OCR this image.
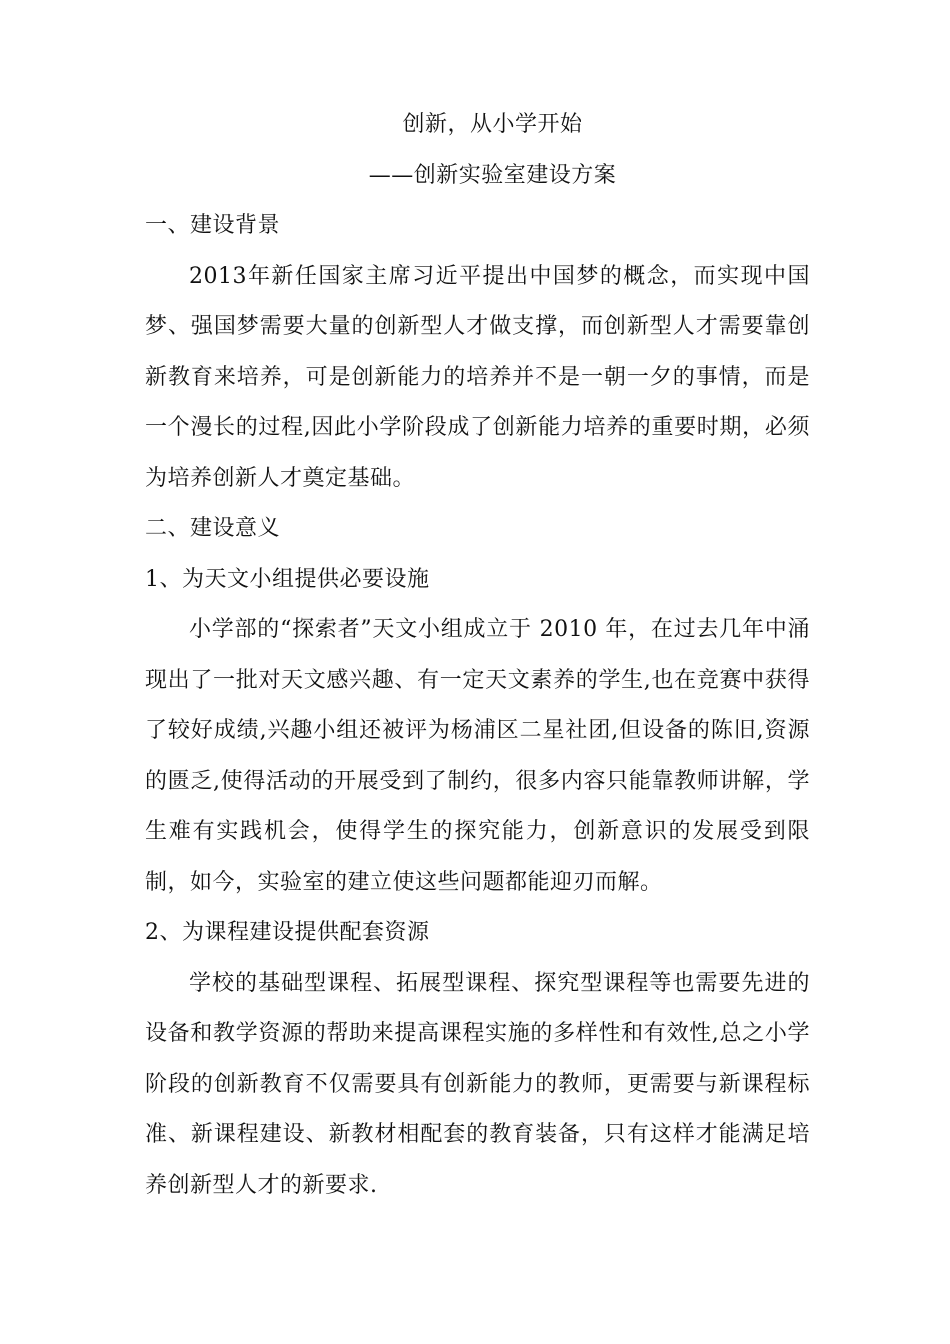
创新，从小学开始

——创新实验室建设方案

一、建设背景

2013年新任国家主席习近平提出中国梦的概念，而实现中国梦、强国梦需要大量的创新型人才做支撑，而创新型人才需要靠创新教育来培养，可是创新能力的培养并不是一朝一夕的事情，而是一个漫长的过程,因此小学阶段成了创新能力培养的重要时期，必须为培养创新人才奠定基础。

二、建设意义

1、为天文小组提供必要设施

小学部的“探索者”天文小组成立于 2010 年，在过去几年中涌现出了一批对天文感兴趣、有一定天文素养的学生,也在竞赛中获得了较好成绩,兴趣小组还被评为杨浦区二星社团,但设备的陈旧,资源的匮乏,使得活动的开展受到了制约，很多内容只能靠教师讲解，学生难有实践机会，使得学生的探究能力，创新意识的发展受到限制，如今，实验室的建立使这些问题都能迎刃而解。

2、为课程建设提供配套资源

学校的基础型课程、拓展型课程、探究型课程等也需要先进的设备和教学资源的帮助来提高课程实施的多样性和有效性,总之小学阶段的创新教育不仅需要具有创新能力的教师，更需要与新课程标准、新课程建设、新教材相配套的教育装备，只有这样才能满足培养创新型人才的新要求.
